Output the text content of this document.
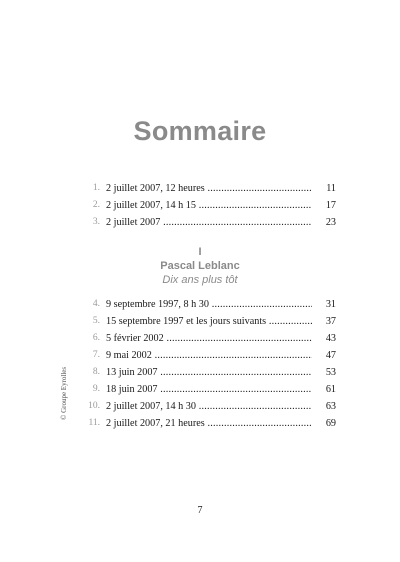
Sommaire
1. 2 juillet 2007, 12 heures .....	11
2. 2 juillet 2007, 14 h 15 .....	17
3. 2 juillet 2007 .....	23
I
Pascal Leblanc
Dix ans plus tôt
4. 9 septembre 1997, 8 h 30 .....	31
5. 15 septembre 1997 et les jours suivants .....	37
6. 5 février 2002 .....	43
7. 9 mai 2002 .....	47
8. 13 juin 2007 .....	53
9. 18 juin 2007 .....	61
10. 2 juillet 2007, 14 h 30 .....	63
11. 2 juillet 2007, 21 heures .....	69
© Groupe Eyrolles
7
